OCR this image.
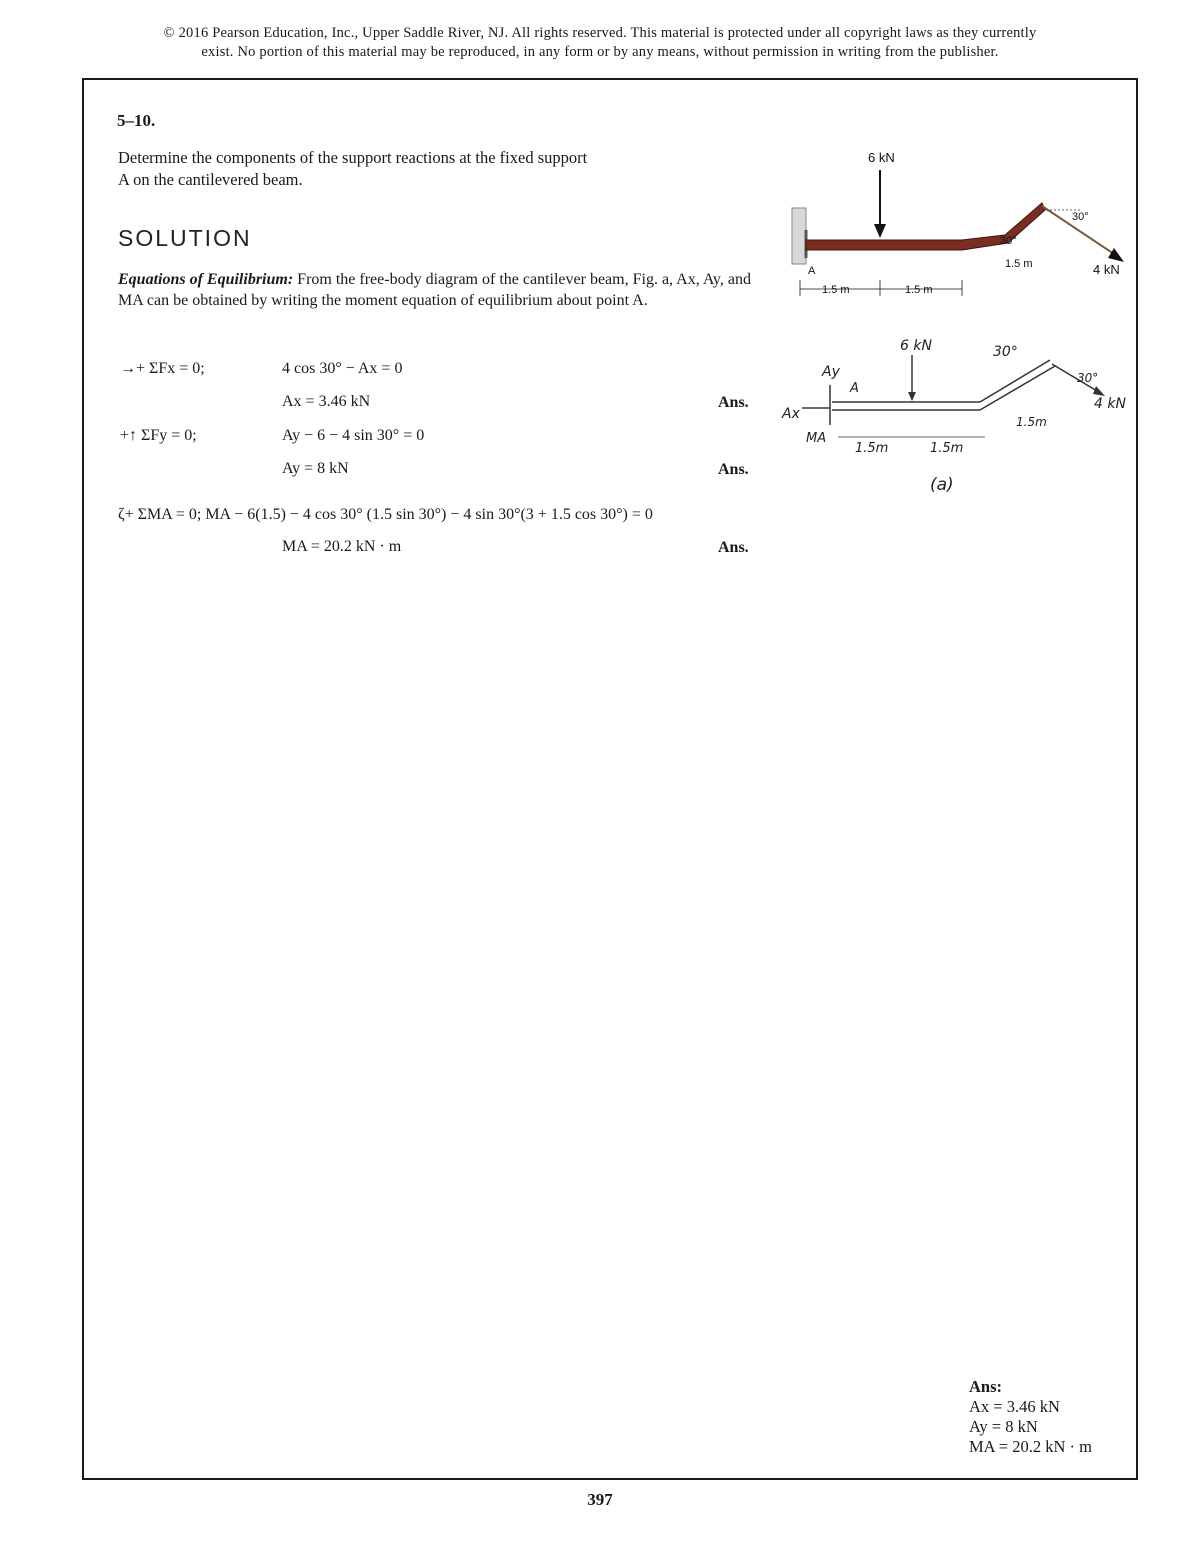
© 2016 Pearson Education, Inc., Upper Saddle River, NJ. All rights reserved. This material is protected under all copyright laws as they currently
exist. No portion of this material may be reproduced, in any form or by any means, without permission in writing from the publisher.
5–10.
Determine the components of the support reactions at the fixed support A on the cantilevered beam.
SOLUTION
Equations of Equilibrium: From the free-body diagram of the cantilever beam, Fig. a, Ax, Ay, and MA can be obtained by writing the moment equation of equilibrium about point A.
→+ ΣFx = 0;	4 cos 30° − Ax = 0
Ax = 3.46 kN	Ans.
+↑ ΣFy = 0;	Ay − 6 − 4 sin 30° = 0
Ay = 8 kN	Ans.
ζ+ ΣMA = 0; MA − 6(1.5) − 4 cos 30° (1.5 sin 30°) − 4 sin 30°(3 + 1.5 cos 30°) = 0
MA = 20.2 kN · m	Ans.
6 kN
4 kN
30°
30°
A
1.5 m	1.5 m
1.5 m
6 kN
4 kN
30°
30°
Ay
Ax
MA
A
1.5m	1.5m
1.5m
(a)
Ans:
Ax = 3.46 kN
Ay = 8 kN
MA = 20.2 kN · m
397
